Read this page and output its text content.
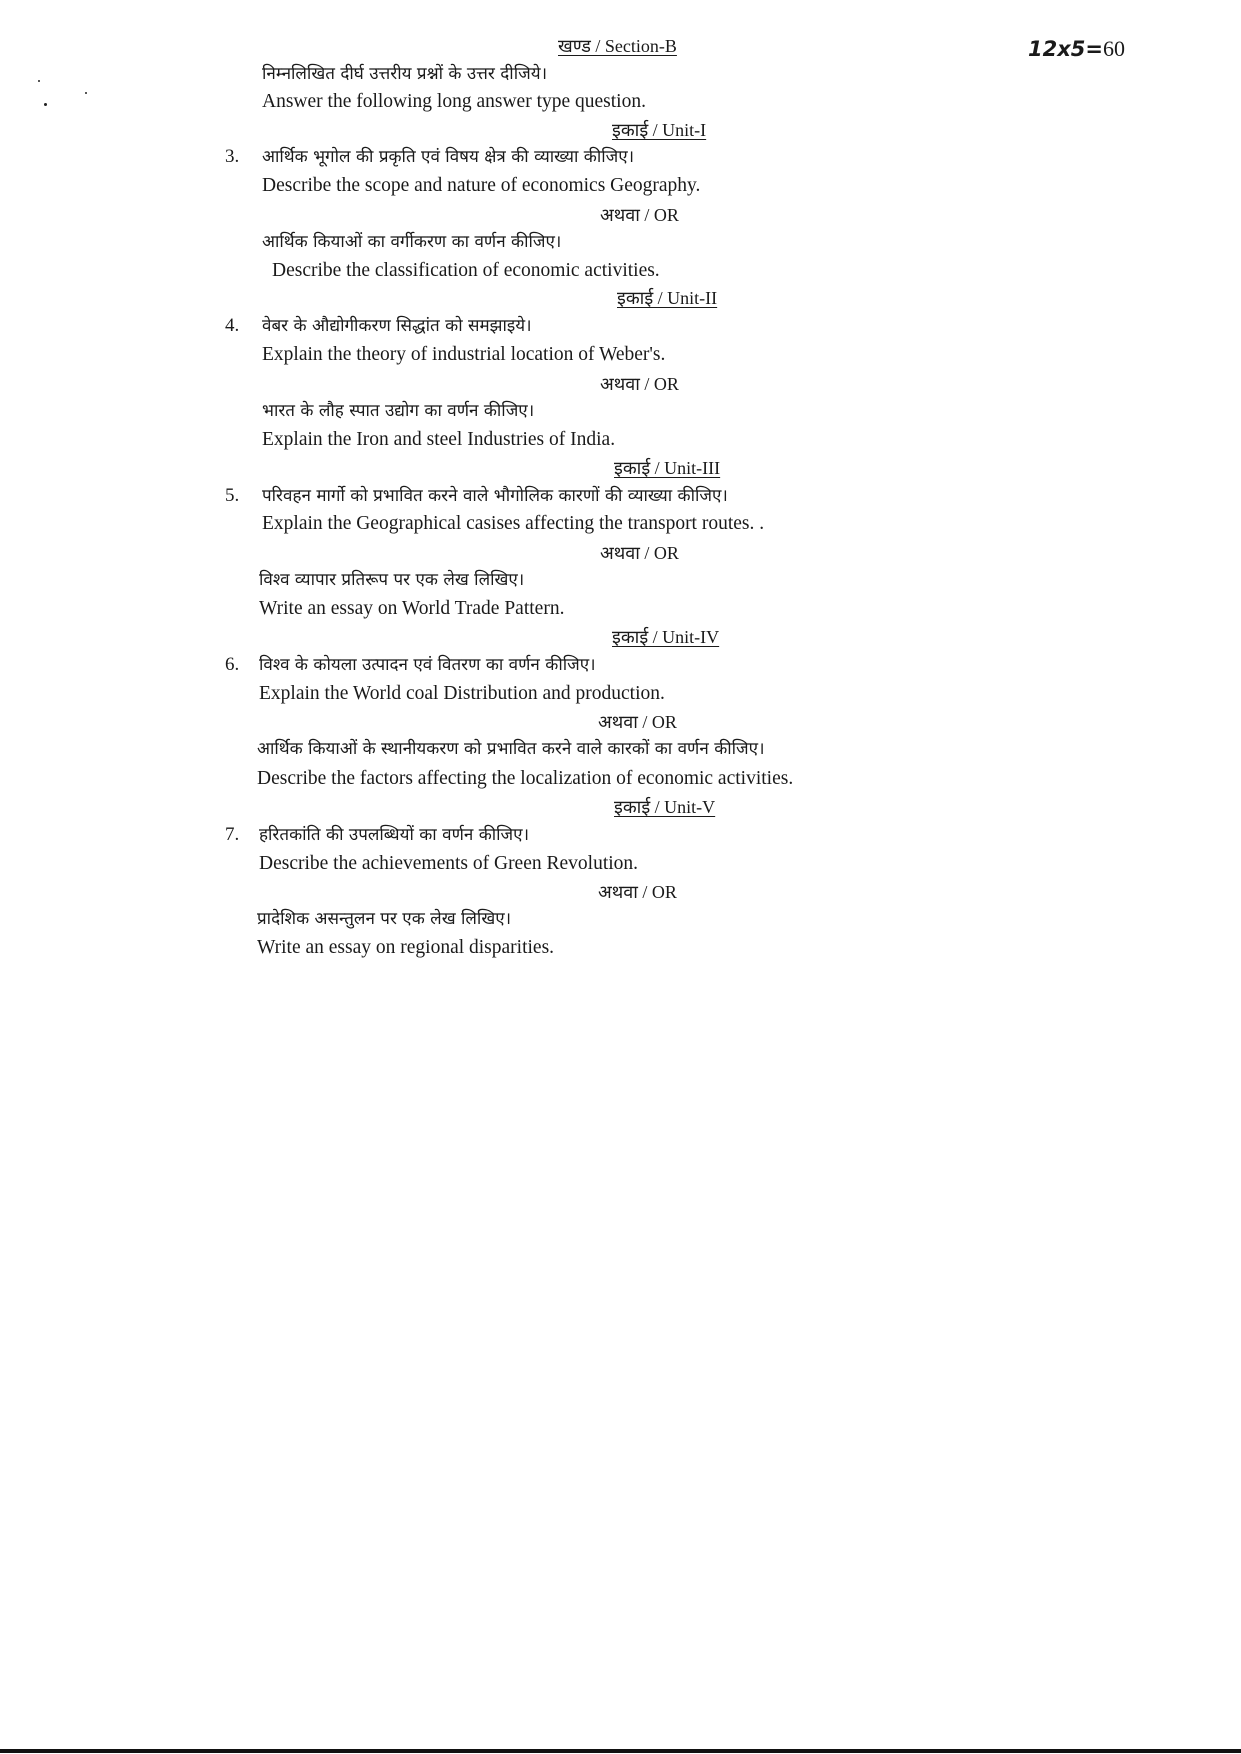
खण्ड / Section-B	12x5=60
निम्नलिखित दीर्घ उत्तरीय प्रश्नों के उत्तर दीजिये।
Answer the following long answer type question.
इकाई / Unit-I
3. आर्थिक भूगोल की प्रकृति एवं विषय क्षेत्र की व्याख्या कीजिए।
Describe the scope and nature of economics Geography.
अथवा / OR
आर्थिक कियाओं का वर्गीकरण का वर्णन कीजिए।
Describe the classification of economic activities.
इकाई / Unit-II
4. वेबर के औद्योगीकरण सिद्धांत को समझाइये।
Explain the theory of industrial location of Weber's.
अथवा / OR
भारत के लौह स्पात उद्योग का वर्णन कीजिए।
Explain the Iron and steel Industries of India.
इकाई / Unit-III
5. परिवहन मार्गो को प्रभावित करने वाले भौगोलिक कारणों की व्याख्या कीजिए।
Explain the Geographical casises affecting the transport routes. .
अथवा / OR
विश्व व्यापार प्रतिरूप पर एक लेख लिखिए।
Write an essay on World Trade Pattern.
इकाई / Unit-IV
6. विश्व के कोयला उत्पादन एवं वितरण का वर्णन कीजिए।
Explain the World coal Distribution and production.
अथवा / OR
आर्थिक कियाओं के स्थानीयकरण को प्रभावित करने वाले कारकों का वर्णन कीजिए।
Describe the factors affecting the localization of economic activities.
इकाई / Unit-V
7. हरितकांति की उपलब्धियों का वर्णन कीजिए।
Describe the achievements of Green Revolution.
अथवा / OR
प्रादेशिक असन्तुलन पर एक लेख लिखिए।
Write an essay on regional disparities.
